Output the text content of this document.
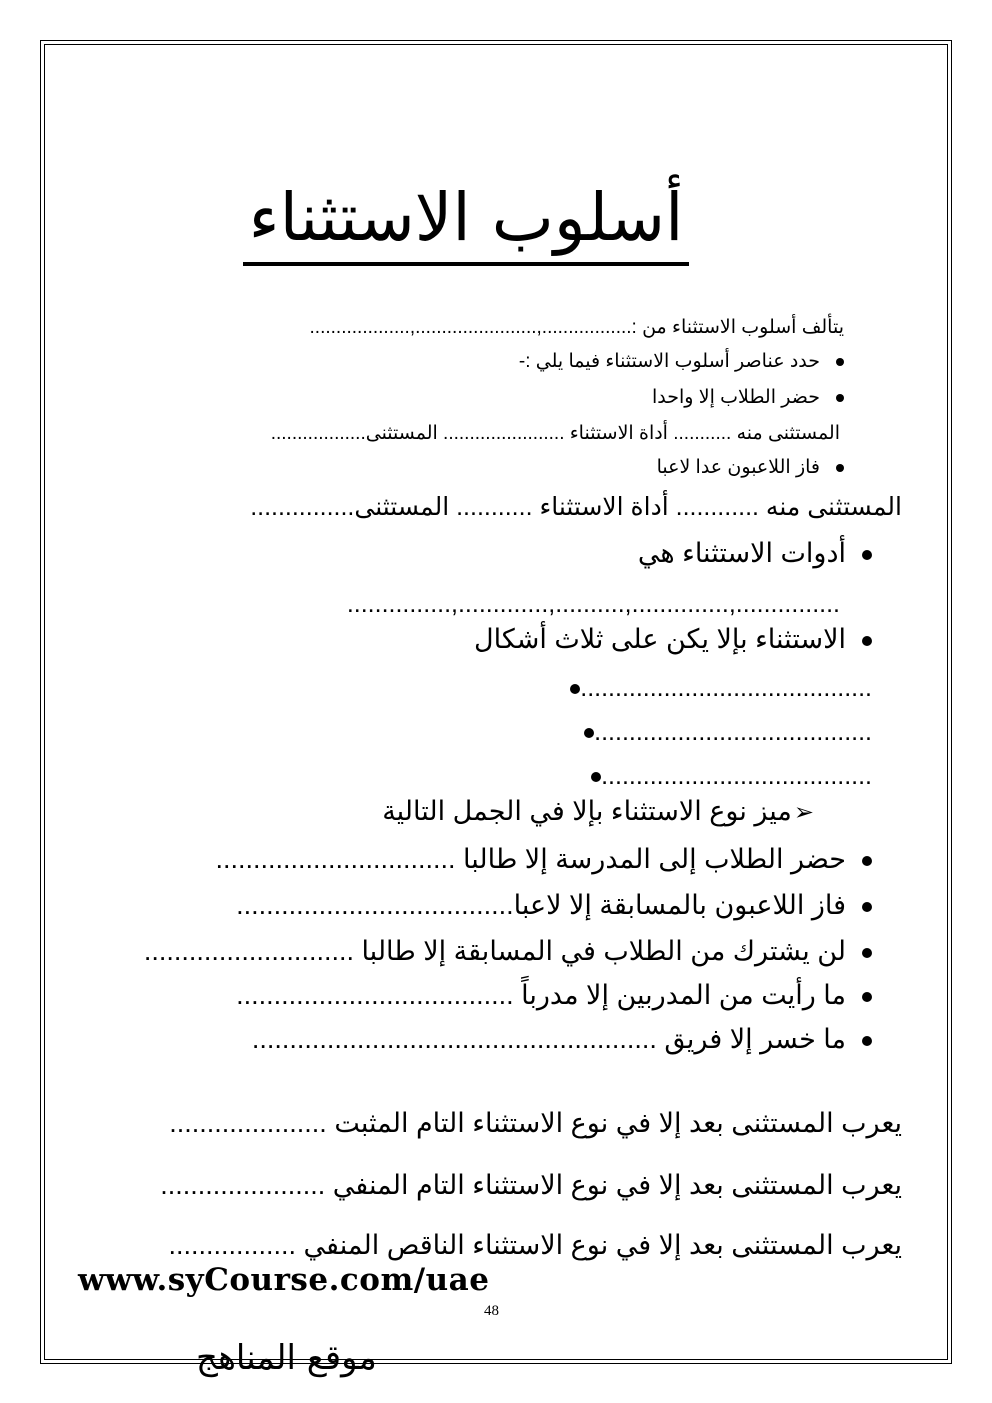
أسلوب الاستثناء
يتألف أسلوب الاستثناء من :.................,.......................,...................
حدد عناصر أسلوب الاستثناء فيما يلي :-
حضر الطلاب إلا واحدا
المستثنى منه ........... أداة الاستثناء ....................... المستثنى..................
فاز اللاعبون عدا لاعبا
المستثنى منه ............ أداة الاستثناء ........... المستثنى...............
أدوات الاستثناء هي
...............,.............,..........,..............,...............
الاستثناء بإلا يكن على ثلاث أشكال
..........................................
........................................
.......................................
➢ميز نوع الاستثناء بإلا في الجمل التالية
حضر الطلاب إلى المدرسة إلا طالبا ................................
فاز اللاعبون بالمسابقة إلا لاعبا.....................................
لن يشترك من الطلاب في المسابقة إلا طالبا ............................
ما رأيت من المدربين إلا مدرباً .....................................
ما خسر إلا فريق ......................................................
يعرب المستثنى بعد إلا في نوع الاستثناء التام المثبت .....................
يعرب المستثنى بعد إلا في نوع الاستثناء التام المنفي ......................
يعرب المستثنى بعد إلا في نوع الاستثناء الناقص المنفي .................
www.syCourse.com/uae
48
موقع المناهج
